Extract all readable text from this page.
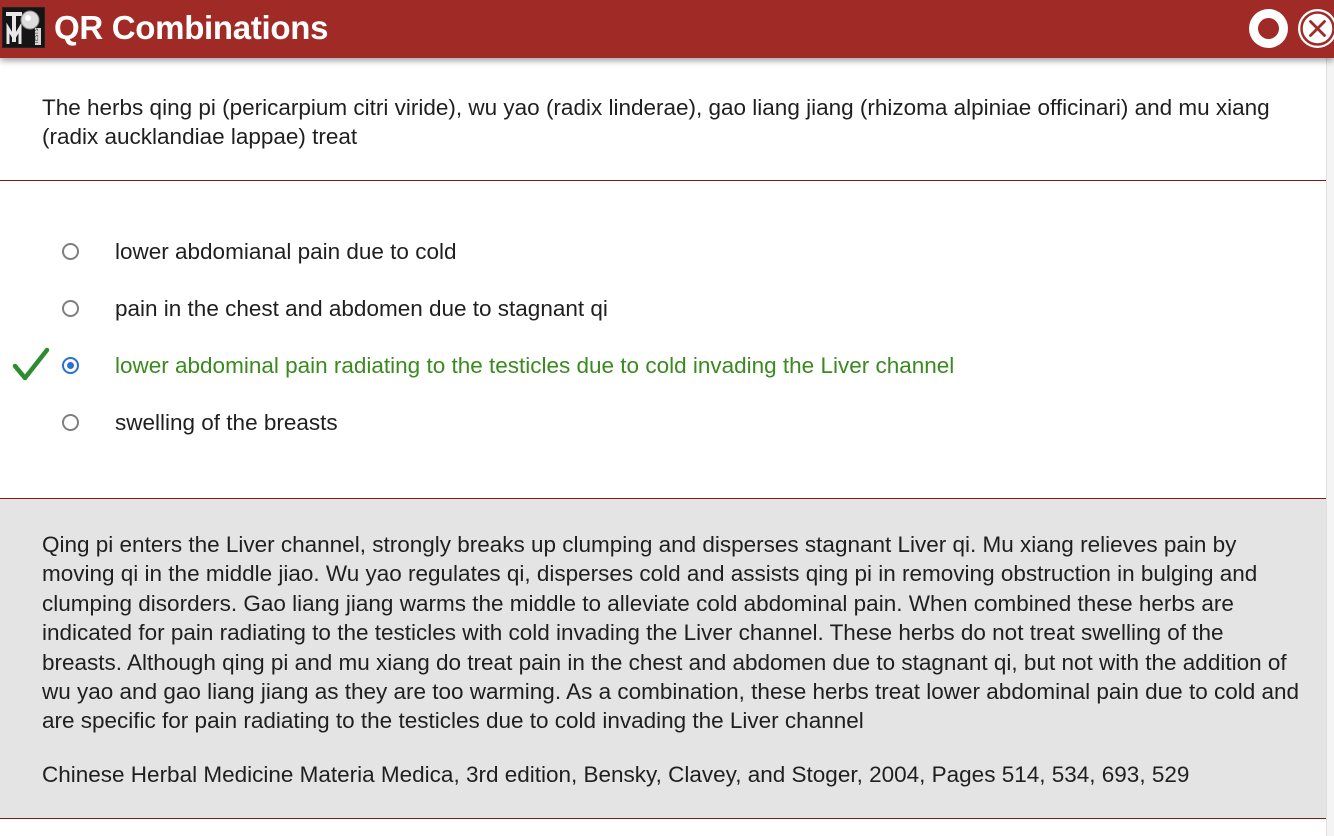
TESTS QR Combinations
The herbs qing pi (pericarpium citri viride), wu yao (radix linderae), gao liang jiang (rhizoma alpiniae officinari) and mu xiang (radix aucklandiae lappae) treat
lower abdomianal pain due to cold
pain in the chest and abdomen due to stagnant qi
lower abdominal pain radiating to the testicles due to cold invading the Liver channel
swelling of the breasts
Qing pi enters the Liver channel, strongly breaks up clumping and disperses stagnant Liver qi. Mu xiang relieves pain by moving qi in the middle jiao. Wu yao regulates qi, disperses cold and assists qing pi in removing obstruction in bulging and clumping disorders. Gao liang jiang warms the middle to alleviate cold abdominal pain. When combined these herbs are indicated for pain radiating to the testicles with cold invading the Liver channel. These herbs do not treat swelling of the breasts. Although qing pi and mu xiang do treat pain in the chest and abdomen due to stagnant qi, but not with the addition of wu yao and gao liang jiang as they are too warming. As a combination, these herbs treat lower abdominal pain due to cold and are specific for pain radiating to the testicles due to cold invading the Liver channel
Chinese Herbal Medicine Materia Medica, 3rd edition, Bensky, Clavey, and Stoger, 2004, Pages 514, 534, 693, 529
